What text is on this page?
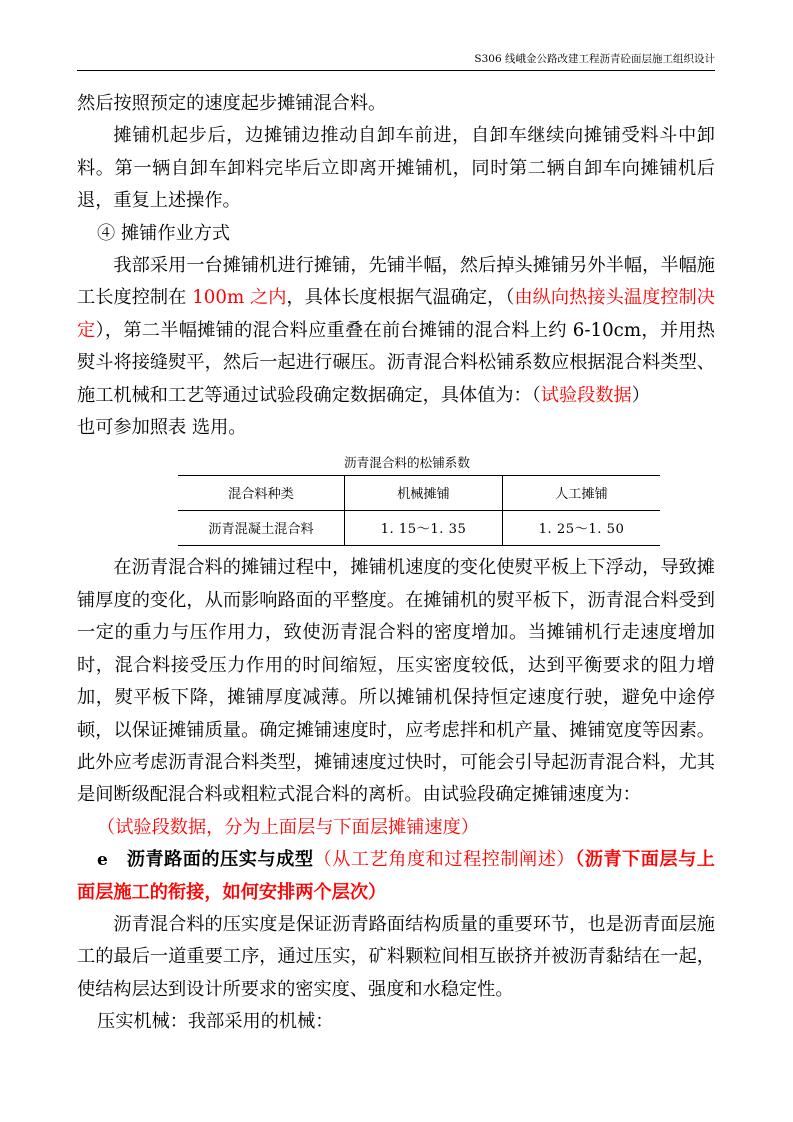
S306 线峨金公路改建工程沥青砼面层施工组织设计

然后按照预定的速度起步摊铺混合料。

摊铺机起步后，边摊铺边推动自卸车前进，自卸车继续向摊铺受料斗中卸料。第一辆自卸车卸料完毕后立即离开摊铺机，同时第二辆自卸车向摊铺机后退，重复上述操作。

④ 摊铺作业方式

我部采用一台摊铺机进行摊铺，先铺半幅，然后掉头摊铺另外半幅，半幅施工长度控制在 100m 之内，具体长度根据气温确定，（由纵向热接头温度控制决定），第二半幅摊铺的混合料应重叠在前台摊铺的混合料上约 6-10cm，并用热熨斗将接缝熨平，然后一起进行碾压。沥青混合料松铺系数应根据混合料类型、施工机械和工艺等通过试验段确定数据确定，具体值为：（试验段数据）

也可参加照表 选用。

沥青混合料的松铺系数
混合料种类	机械摊铺	人工摊铺
沥青混凝土混合料	1. 15～1. 35	1. 25～1. 50

在沥青混合料的摊铺过程中，摊铺机速度的变化使熨平板上下浮动，导致摊铺厚度的变化，从而影响路面的平整度。在摊铺机的熨平板下，沥青混合料受到一定的重力与压作用力，致使沥青混合料的密度增加。当摊铺机行走速度增加时，混合料接受压力作用的时间缩短，压实密度较低，达到平衡要求的阻力增加，熨平板下降，摊铺厚度减薄。所以摊铺机保持恒定速度行驶，避免中途停顿，以保证摊铺质量。确定摊铺速度时，应考虑拌和机产量、摊铺宽度等因素。此外应考虑沥青混合料类型，摊铺速度过快时，可能会引导起沥青混合料，尤其是间断级配混合料或粗粒式混合料的离析。由试验段确定摊铺速度为：

（试验段数据，分为上面层与下面层摊铺速度）

e 沥青路面的压实与成型（从工艺角度和过程控制阐述）（沥青下面层与上面层施工的衔接，如何安排两个层次）

沥青混合料的压实度是保证沥青路面结构质量的重要环节，也是沥青面层施工的最后一道重要工序，通过压实，矿料颗粒间相互嵌挤并被沥青黏结在一起，使结构层达到设计所要求的密实度、强度和水稳定性。

压实机械：我部采用的机械：
